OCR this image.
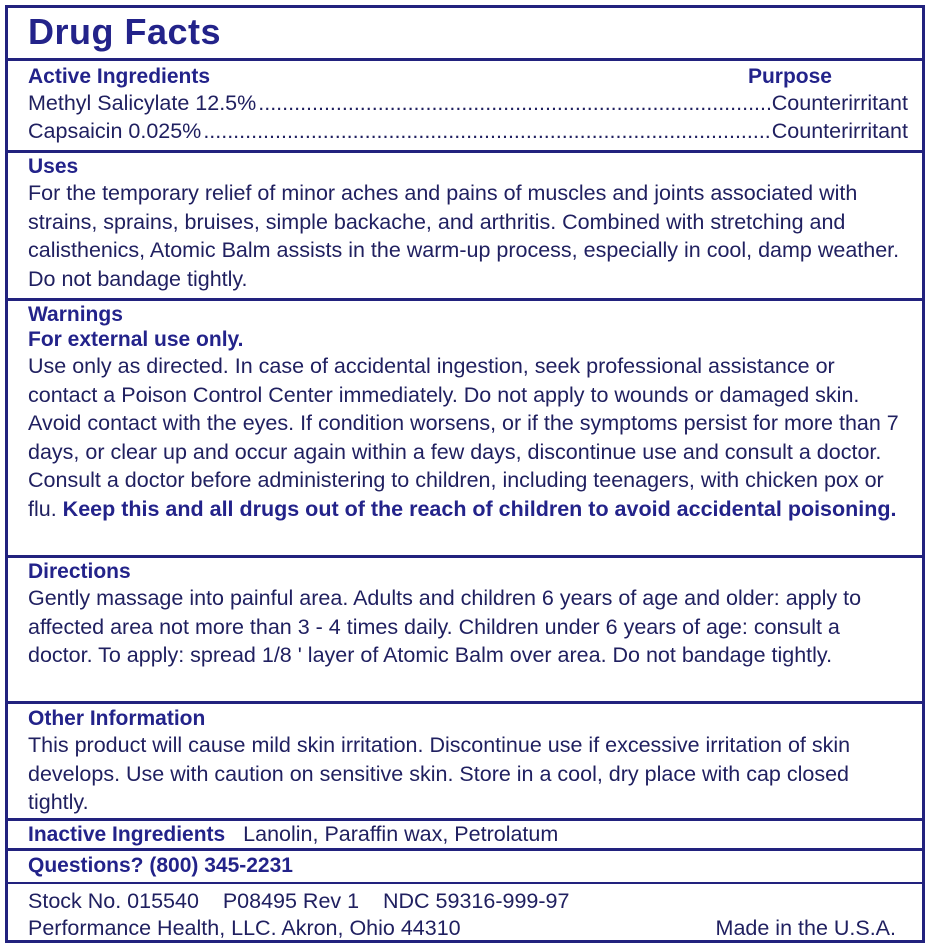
Drug Facts
Active Ingredients	Purpose
Methyl Salicylate 12.5% .....	Counterirritant
Capsaicin 0.025% .....	Counterirritant
Uses
For the temporary relief of minor aches and pains of muscles and joints associated with strains, sprains, bruises, simple backache, and arthritis. Combined with stretching and calisthenics, Atomic Balm assists in the warm-up process, especially in cool, damp weather. Do not bandage tightly.
Warnings
For external use only.
Use only as directed. In case of accidental ingestion, seek professional assistance or contact a Poison Control Center immediately. Do not apply to wounds or damaged skin. Avoid contact with the eyes. If condition worsens, or if the symptoms persist for more than 7 days, or clear up and occur again within a few days, discontinue use and consult a doctor. Consult a doctor before administering to children, including teenagers, with chicken pox or flu. Keep this and all drugs out of the reach of children to avoid accidental poisoning.
Directions
Gently massage into painful area. Adults and children 6 years of age and older: apply to affected area not more than 3 - 4 times daily. Children under 6 years of age: consult a doctor. To apply: spread 1/8 ' layer of Atomic Balm over area. Do not bandage tightly.
Other Information
This product will cause mild skin irritation. Discontinue use if excessive irritation of skin develops. Use with caution on sensitive skin. Store in a cool, dry place with cap closed tightly.
Inactive Ingredients Lanolin, Paraffin wax, Petrolatum
Questions? (800) 345-2231
Stock No. 015540 P08495 Rev 1 NDC 59316-999-97
Performance Health, LLC. Akron, Ohio 44310	Made in the U.S.A.
